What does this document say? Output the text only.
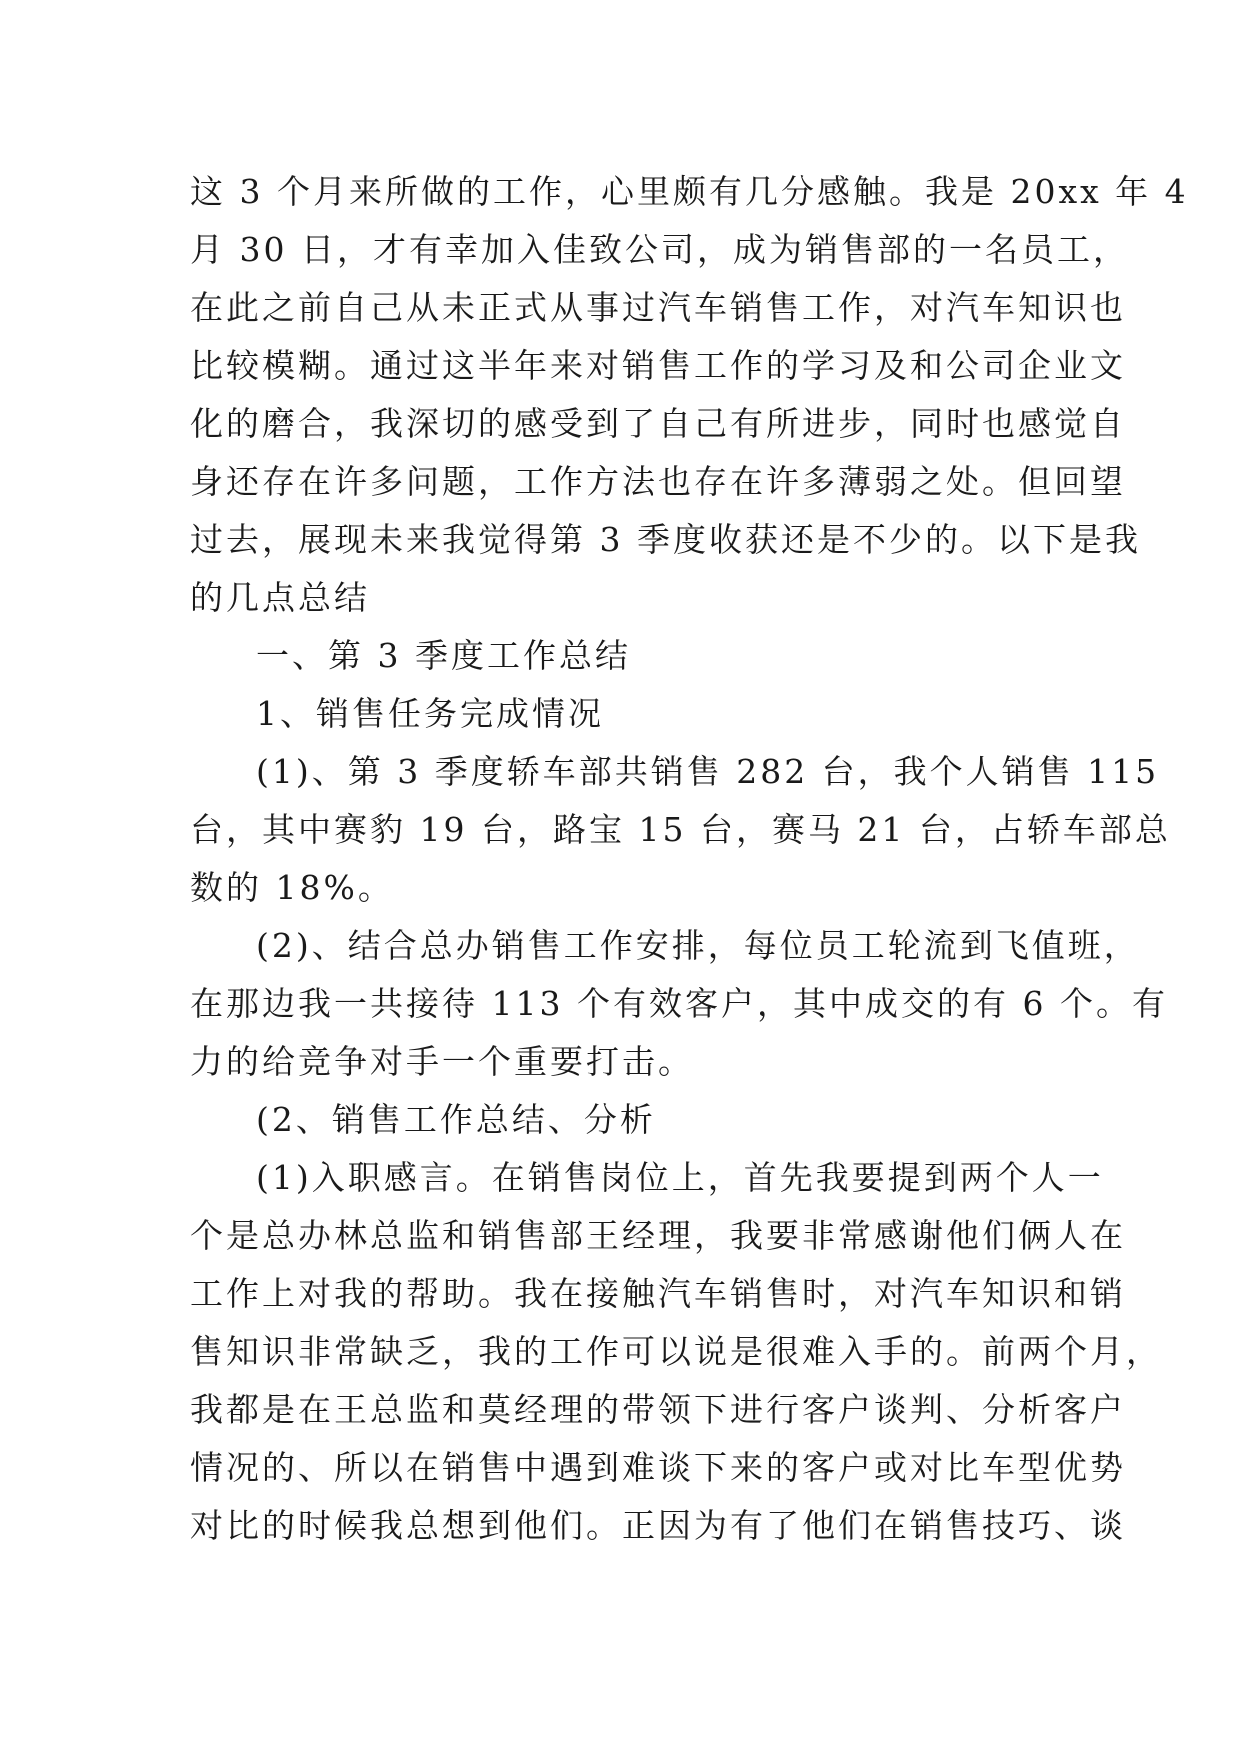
这 3 个月来所做的工作，心里颇有几分感触。我是 20xx 年 4
月 30 日，才有幸加入佳致公司，成为销售部的一名员工，
在此之前自己从未正式从事过汽车销售工作，对汽车知识也
比较模糊。通过这半年来对销售工作的学习及和公司企业文
化的磨合，我深切的感受到了自己有所进步，同时也感觉自
身还存在许多问题，工作方法也存在许多薄弱之处。但回望
过去，展现未来我觉得第 3 季度收获还是不少的。以下是我
的几点总结
一、第 3 季度工作总结
1、销售任务完成情况
(1)、第 3 季度轿车部共销售 282 台，我个人销售 115
台，其中赛豹 19 台，路宝 15 台，赛马 21 台，占轿车部总
数的 18%。
(2)、结合总办销售工作安排，每位员工轮流到飞值班，
在那边我一共接待 113 个有效客户，其中成交的有 6 个。有
力的给竞争对手一个重要打击。
(2、销售工作总结、分析
(1)入职感言。在销售岗位上，首先我要提到两个人一
个是总办林总监和销售部王经理，我要非常感谢他们俩人在
工作上对我的帮助。我在接触汽车销售时，对汽车知识和销
售知识非常缺乏，我的工作可以说是很难入手的。前两个月，
我都是在王总监和莫经理的带领下进行客户谈判、分析客户
情况的、所以在销售中遇到难谈下来的客户或对比车型优势
对比的时候我总想到他们。正因为有了他们在销售技巧、谈
